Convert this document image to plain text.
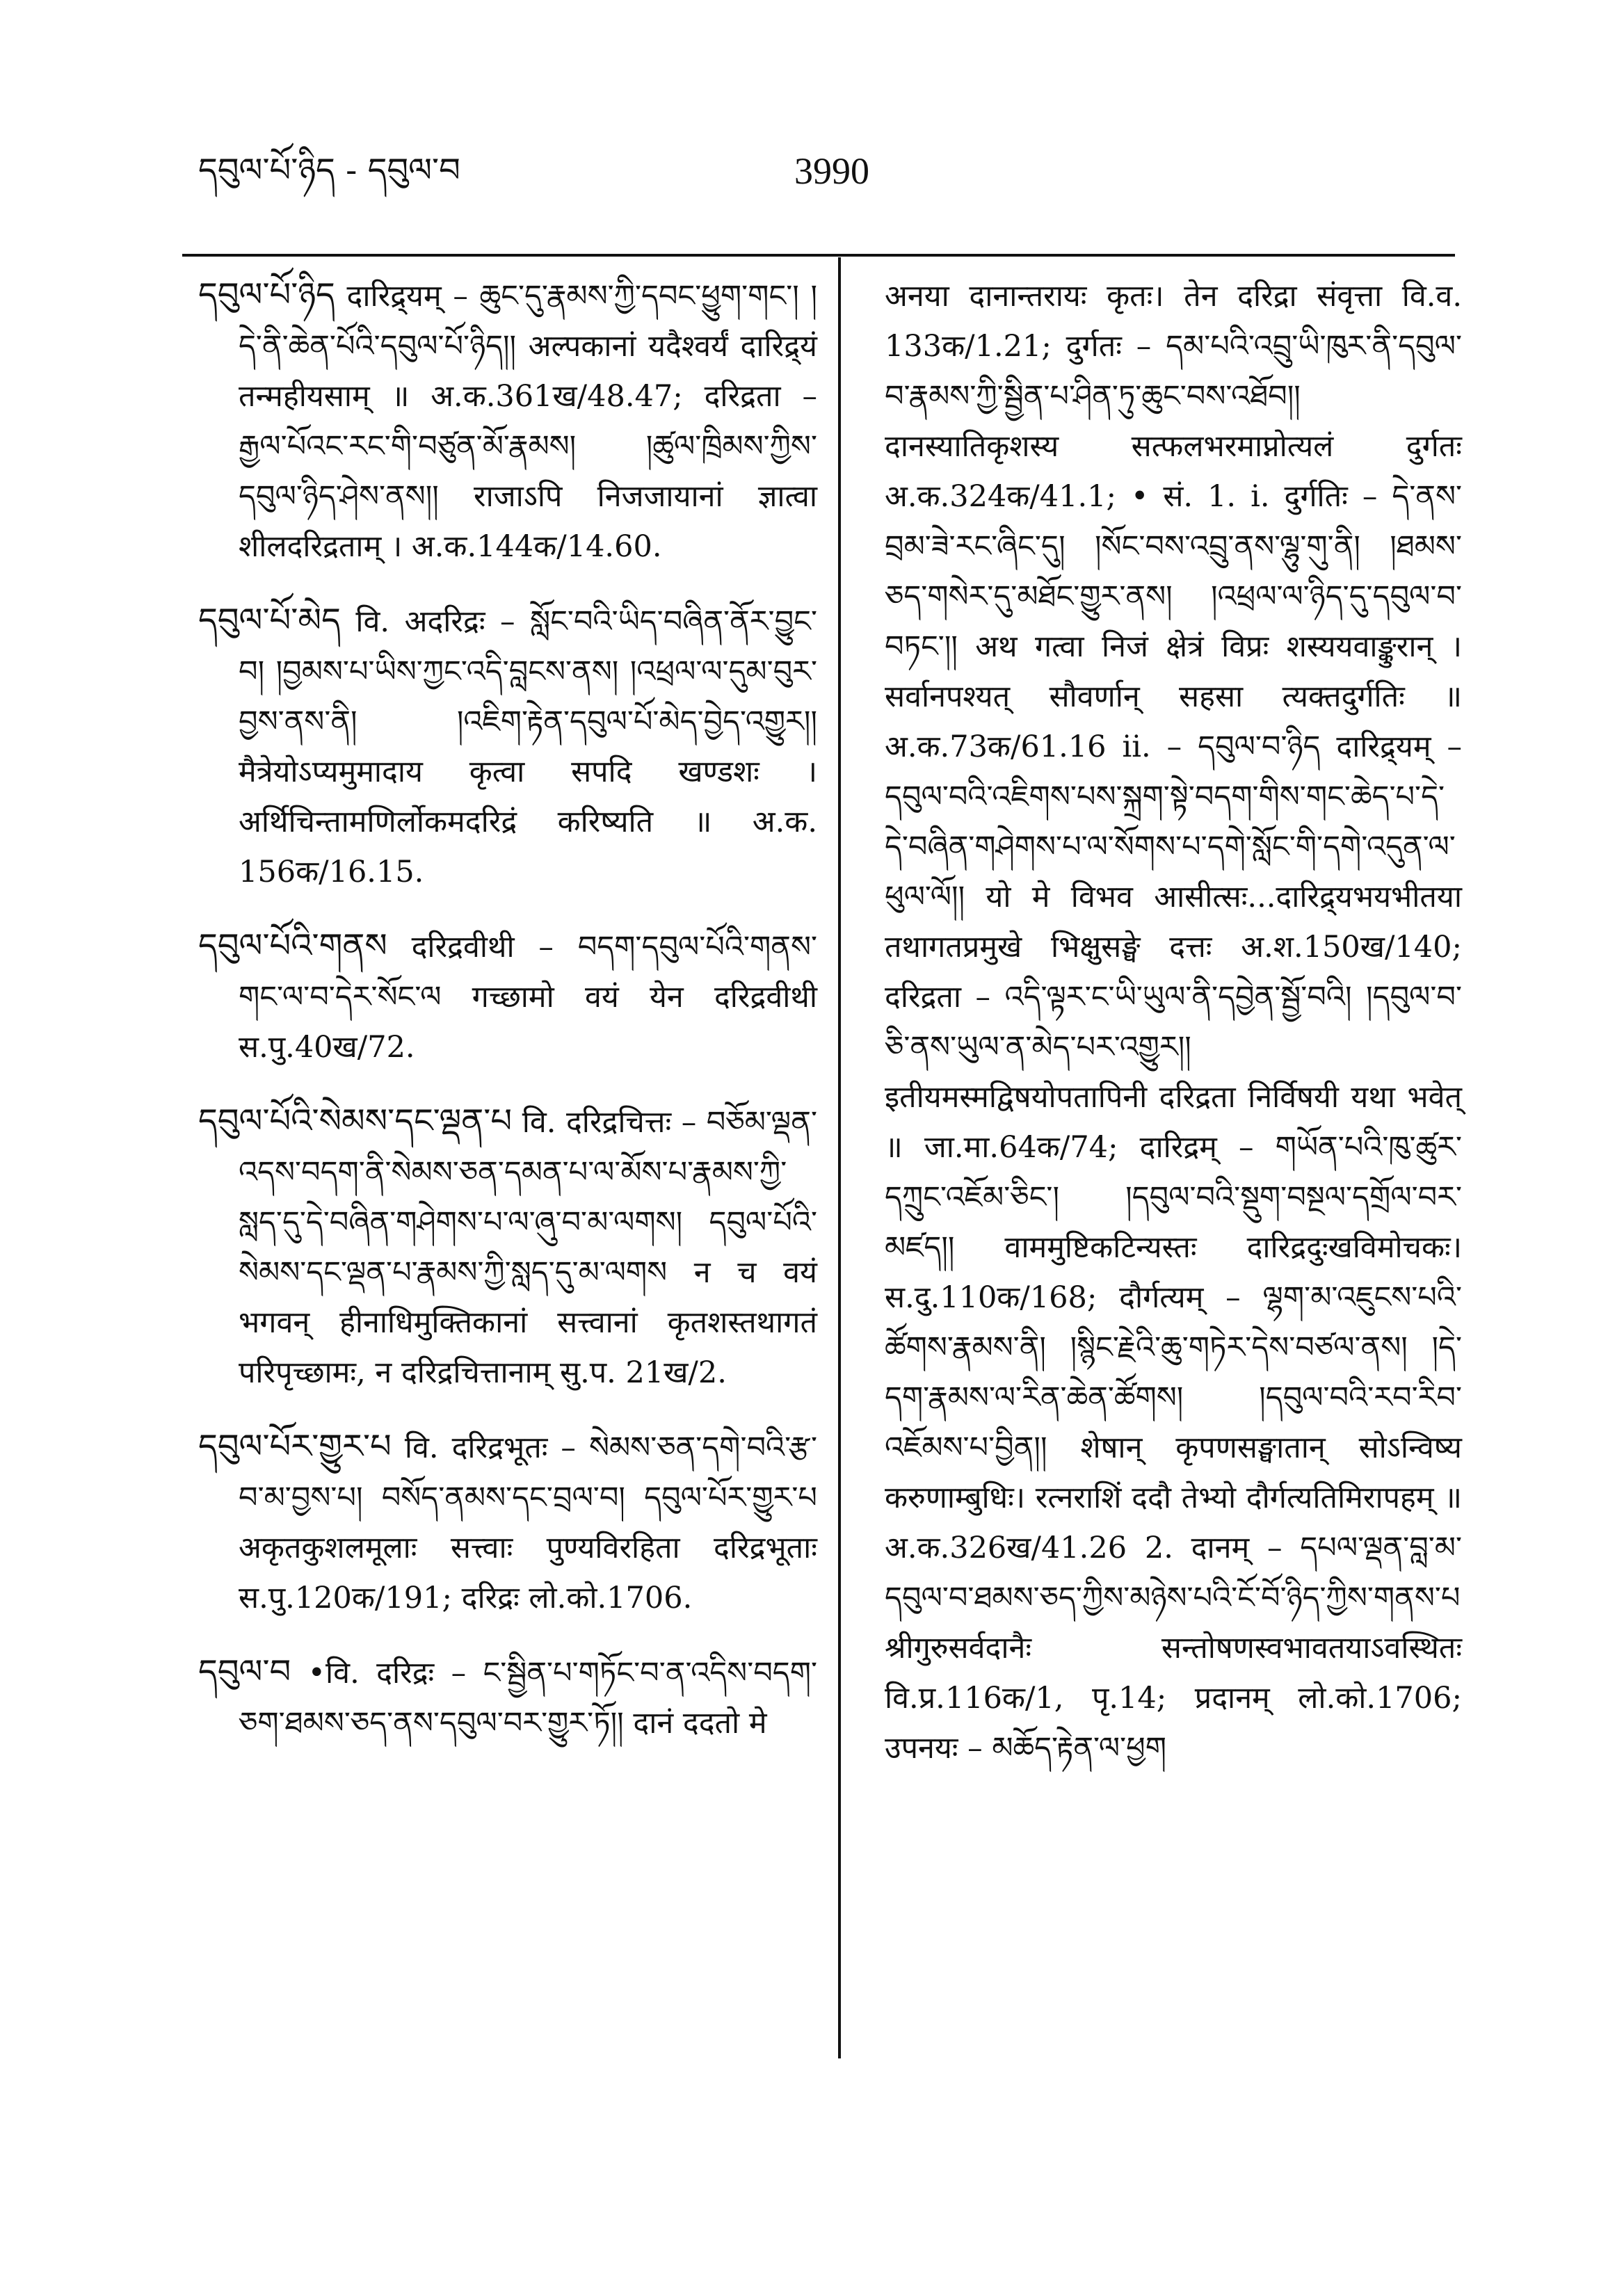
དབུལ་པོ་ཉིད - དབུལ་བ	3990

དབུལ་པོ་ཉིད दारिद्र्यम् – ཆུང་དུ་རྣམས་ཀྱི་དབང་ཕྱུག་གང་། །དེ་ནི་ཆེན་པོའི་དབུལ་པོ་ཉིད།། अल्पकानां यदैश्वर्यं दारिद्र्यं तन्महीयसाम् ॥ अ.क.361ख/48.47; दरिद्रता – རྒྱལ་པོའང་རང་གི་བཙུན་མོ་རྣམས། །ཚུལ་ཁྲིམས་ཀྱིས་དབུལ་ཉིད་ཤེས་ནས།། राजाऽपि निजजायानां ज्ञात्वा शीलदरिद्रताम् । अ.क.144क/14.60.

དབུལ་པོ་མེད वि. अदरिद्रः – སློང་བའི་ཡིད་བཞིན་ནོར་བྱུང་བ། །བྱམས་པ་ཡིས་ཀྱང་འདི་བླངས་ནས། །འཕྲལ་ལ་དུམ་བུར་བྱས་ནས་ནི། །འཇིག་རྟེན་དབུལ་པོ་མེད་བྱེད་འགྱུར།། मैत्रेयोऽप्यमुमादाय कृत्वा सपदि खण्डशः । अर्थिचिन्तामणिर्लोकमदरिद्रं करिष्यति ॥ अ.क. 156क/16.15.

དབུལ་པོའི་གནས दरिद्रवीथी – བདག་དབུལ་པོའི་གནས་གང་ལ་བ་དེར་སོང་ལ गच्छामो वयं येन दरिद्रवीथी स.पु.40ख/72.

དབུལ་པོའི་སེམས་དང་ལྡན་པ वि. दरिद्रचित्तः – བཅོམ་ལྡན་འདས་བདག་ནི་སེམས་ཅན་དམན་པ་ལ་མོས་པ་རྣམས་ཀྱི་སླད་དུ་དེ་བཞིན་གཤེགས་པ་ལ་ཞུ་བ་མ་ལགས། དབུལ་པོའི་སེམས་དང་ལྡན་པ་རྣམས་ཀྱི་སླད་དུ་མ་ལགས न च वयं भगवन् हीनाधिमुक्तिकानां सत्त्वानां कृतशस्तथागतं परिपृच्छामः, न दरिद्रचित्तानाम् सु.प. 21ख/2.

དབུལ་པོར་གྱུར་པ वि. दरिद्रभूतः – སེམས་ཅན་དགེ་བའི་རྩ་བ་མ་བྱས་པ། བསོད་ནམས་དང་བྲལ་བ། དབུལ་པོར་གྱུར་པ अकृतकुशलमूलाः सत्त्वाः पुण्यविरहिता दरिद्रभूताः स.पु.120क/191; दरिद्रः लो.को.1706.

དབུལ་བ •वि. दरिद्रः – ང་སྦྱིན་པ་གཏོང་བ་ན་འདིས་བདག་ཅག་ཐམས་ཅད་ནས་དབུལ་བར་གྱུར་ཏོ།། दानं ददतो मे

अनया दानान्तरायः कृतः। तेन दरिद्रा संवृत्ता वि.व. 133क/1.21; दुर्गतः – དམ་པའི་འབྲུ་ཡི་ཁུར་ནི་དབུལ་བ་རྣམས་ཀྱི་སྦྱིན་པ་ཤིན་ཏུ་ཆུང་བས་འཐོབ།། दानस्यातिकृशस्य सत्फलभरमाप्नोत्यलं दुर्गतः अ.क.324क/41.1; • सं. 1. i. दुर्गतिः – དེ་ནས་བྲམ་ཟེ་རང་ཞིང་དུ། །སོང་བས་འབྲུ་ནས་ལྷུ་གུ་ནི། །ཐམས་ཅད་གསེར་དུ་མཐོང་གྱུར་ནས། །འཕྲལ་ལ་ཉིད་དུ་དབུལ་བ་བཏང་།། अथ गत्वा निजं क्षेत्रं विप्रः शस्ययवाङ्कुरान् । सर्वानपश्यत् सौवर्णान् सहसा त्यक्तदुर्गतिः ॥ अ.क.73क/61.16 ii. – དབུལ་བ་ཉིད दारिद्र्यम् – དབུལ་བའི་འཇིགས་པས་སྐྲག་སྟེ་བདག་གིས་གང་ཆེད་པ་དེ་དེ་བཞིན་གཤེགས་པ་ལ་སོགས་པ་དགེ་སློང་གི་དགེ་འདུན་ལ་ཕུལ་ལོ།། यो मे विभव आसीत्सः...दारिद्र्यभयभीतया तथागतप्रमुखे भिक्षुसङ्घे दत्तः अ.श.150ख/140; दरिद्रता – འདི་ལྟར་ང་ཡི་ཡུལ་ནི་དབྱེན་སྦྱོ་བའི། །དབུལ་བ་ཅི་ནས་ཡུལ་ན་མེད་པར་འགྱུར།། इतीयमस्मद्विषयोपतापिनी दरिद्रता निर्विषयी यथा भवेत् ॥ जा.मा.64क/74; दारिद्रम् – གཡོན་པའི་ཁུ་ཚུར་དཀྲུང་འཇོམ་ཅིང་། །དབུལ་བའི་སྡུག་བསྔལ་དགྲོལ་བར་མཛད།། वाममुष्टिकटिन्यस्तः दारिद्रदुःखविमोचकः। स.दु.110क/168; दौर्गत्यम् – ལྷག་མ་འཇུངས་པའི་ཚོགས་རྣམས་ནི། །སྙིང་རྗེའི་ཆུ་གཏེར་དེས་བཙལ་ནས། །དེ་དག་རྣམས་ལ་རིན་ཆེན་ཚོགས། །དབུལ་བའི་རབ་རིབ་འཇོམས་པ་བྱིན།། शेषान् कृपणसङ्घातान् सोऽन्विष्य करुणाम्बुधिः। रत्नराशिं ददौ तेभ्यो दौर्गत्यतिमिरापहम् ॥ अ.क.326ख/41.26 2. दानम् – དཔལ་ལྡན་བླ་མ་དབུལ་བ་ཐམས་ཅད་ཀྱིས་མཉེས་པའི་ངོ་བོ་ཉིད་ཀྱིས་གནས་པ श्रीगुरुसर्वदानैः सन्तोषणस्वभावतयाऽवस्थितः वि.प्र.116क/1, पृ.14; प्रदानम् लो.को.1706; उपनयः – མཆོད་རྟེན་ལ་ཕྱག
